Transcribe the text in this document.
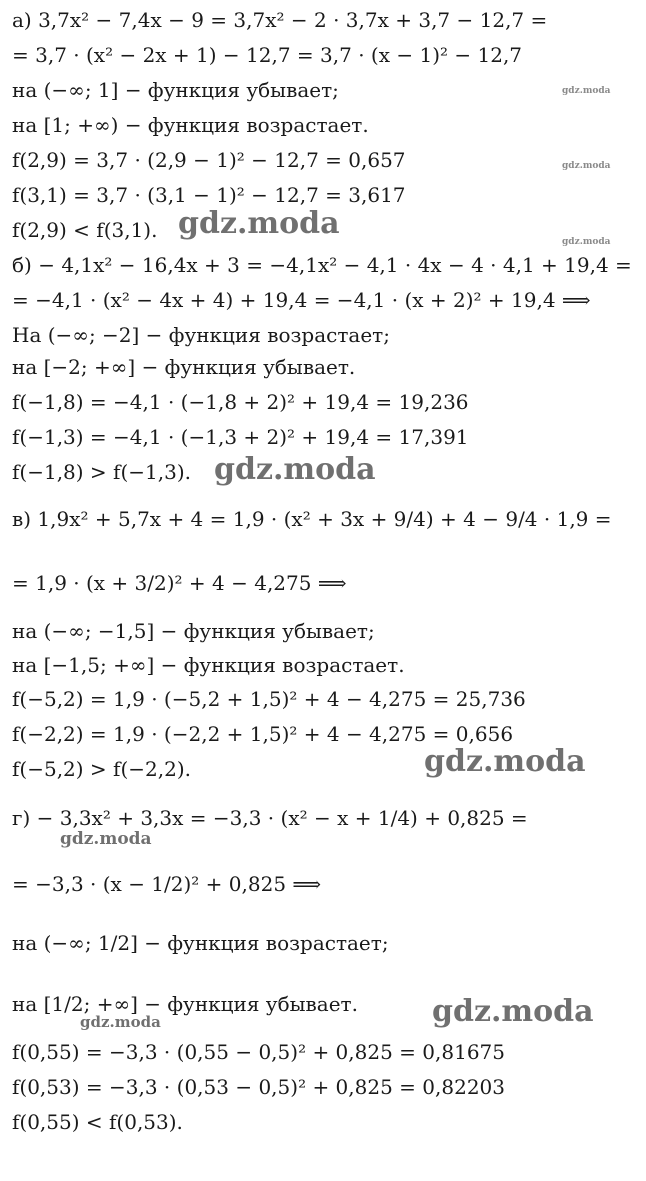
а) 3,7x² − 7,4x − 9 = 3,7x² − 2 · 3,7x + 3,7 − 12,7 =
= 3,7 · (x² − 2x + 1) − 12,7 = 3,7 · (x − 1)² − 12,7
на (−∞; 1] − функция убывает;
на [1; +∞) − функция возрастает.
f(2,9) = 3,7 · (2,9 − 1)² − 12,7 = 0,657
f(3,1) = 3,7 · (3,1 − 1)² − 12,7 = 3,617
f(2,9) < f(3,1).
б) − 4,1x² − 16,4x + 3 = −4,1x² − 4,1 · 4x − 4 · 4,1 + 19,4 =
= −4,1 · (x² − 4x + 4) + 19,4 = −4,1 · (x + 2)² + 19,4 ⟹
На (−∞; −2] − функция возрастает;
на [−2; +∞] − функция убывает.
f(−1,8) = −4,1 · (−1,8 + 2)² + 19,4 = 19,236
f(−1,3) = −4,1 · (−1,3 + 2)² + 19,4 = 17,391
f(−1,8) > f(−1,3).
в) 1,9x² + 5,7x + 4 = 1,9 · (x² + 3x + 9/4) + 4 − 9/4 · 1,9 =
= 1,9 · (x + 3/2)² + 4 − 4,275 ⟹
на (−∞; −1,5] − функция убывает;
на [−1,5; +∞] − функция возрастает.
f(−5,2) = 1,9 · (−5,2 + 1,5)² + 4 − 4,275 = 25,736
f(−2,2) = 1,9 · (−2,2 + 1,5)² + 4 − 4,275 = 0,656
f(−5,2) > f(−2,2).
г) − 3,3x² + 3,3x = −3,3 · (x² − x + 1/4) + 0,825 =
= −3,3 · (x − 1/2)² + 0,825 ⟹
на (−∞; 1/2] − функция возрастает;
на [1/2; +∞] − функция убывает.
f(0,55) = −3,3 · (0,55 − 0,5)² + 0,825 = 0,81675
f(0,53) = −3,3 · (0,53 − 0,5)² + 0,825 = 0,82203
f(0,55) < f(0,53).
gdz.moda
gdz.moda
gdz.moda
gdz.moda
gdz.moda
gdz.moda
gdz.moda
gdz.moda
gdz.moda
